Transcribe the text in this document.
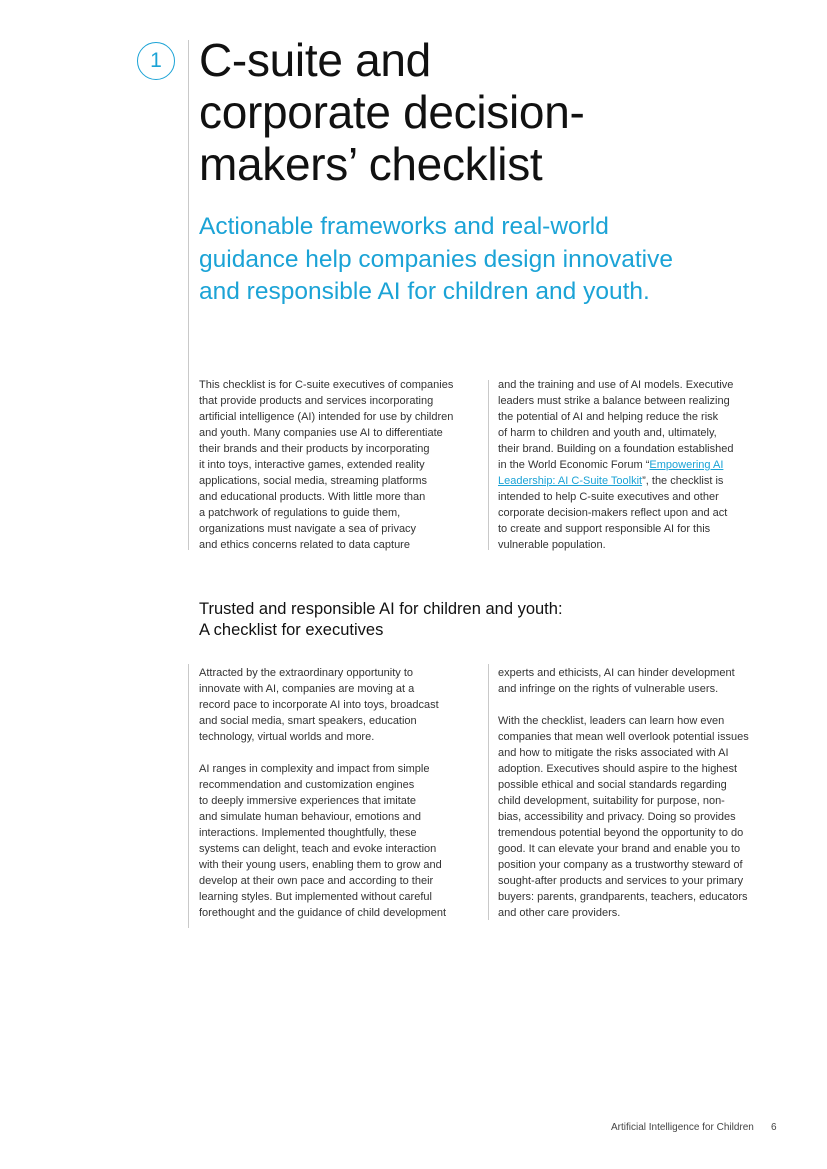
1 C-suite and
corporate decision-
makers’ checklist
Actionable frameworks and real-world
guidance help companies design innovative
and responsible AI for children and youth.
This checklist is for C-suite executives of companies
that provide products and services incorporating
artificial intelligence (AI) intended for use by children
and youth. Many companies use AI to differentiate
their brands and their products by incorporating
it into toys, interactive games, extended reality
applications, social media, streaming platforms
and educational products. With little more than
a patchwork of regulations to guide them,
organizations must navigate a sea of privacy
and ethics concerns related to data capture
and the training and use of AI models. Executive
leaders must strike a balance between realizing
the potential of AI and helping reduce the risk
of harm to children and youth and, ultimately,
their brand. Building on a foundation established
in the World Economic Forum “Empowering AI
Leadership: AI C-Suite Toolkit”, the checklist is
intended to help C-suite executives and other
corporate decision-makers reflect upon and act
to create and support responsible AI for this
vulnerable population.
Trusted and responsible AI for children and youth:
A checklist for executives
Attracted by the extraordinary opportunity to
innovate with AI, companies are moving at a
record pace to incorporate AI into toys, broadcast
and social media, smart speakers, education
technology, virtual worlds and more.
AI ranges in complexity and impact from simple
recommendation and customization engines
to deeply immersive experiences that imitate
and simulate human behaviour, emotions and
interactions. Implemented thoughtfully, these
systems can delight, teach and evoke interaction
with their young users, enabling them to grow and
develop at their own pace and according to their
learning styles. But implemented without careful
forethought and the guidance of child development
experts and ethicists, AI can hinder development
and infringe on the rights of vulnerable users.
With the checklist, leaders can learn how even
companies that mean well overlook potential issues
and how to mitigate the risks associated with AI
adoption. Executives should aspire to the highest
possible ethical and social standards regarding
child development, suitability for purpose, non-
bias, accessibility and privacy. Doing so provides
tremendous potential beyond the opportunity to do
good. It can elevate your brand and enable you to
position your company as a trustworthy steward of
sought-after products and services to your primary
buyers: parents, grandparents, teachers, educators
and other care providers.
Artificial Intelligence for Children 6
